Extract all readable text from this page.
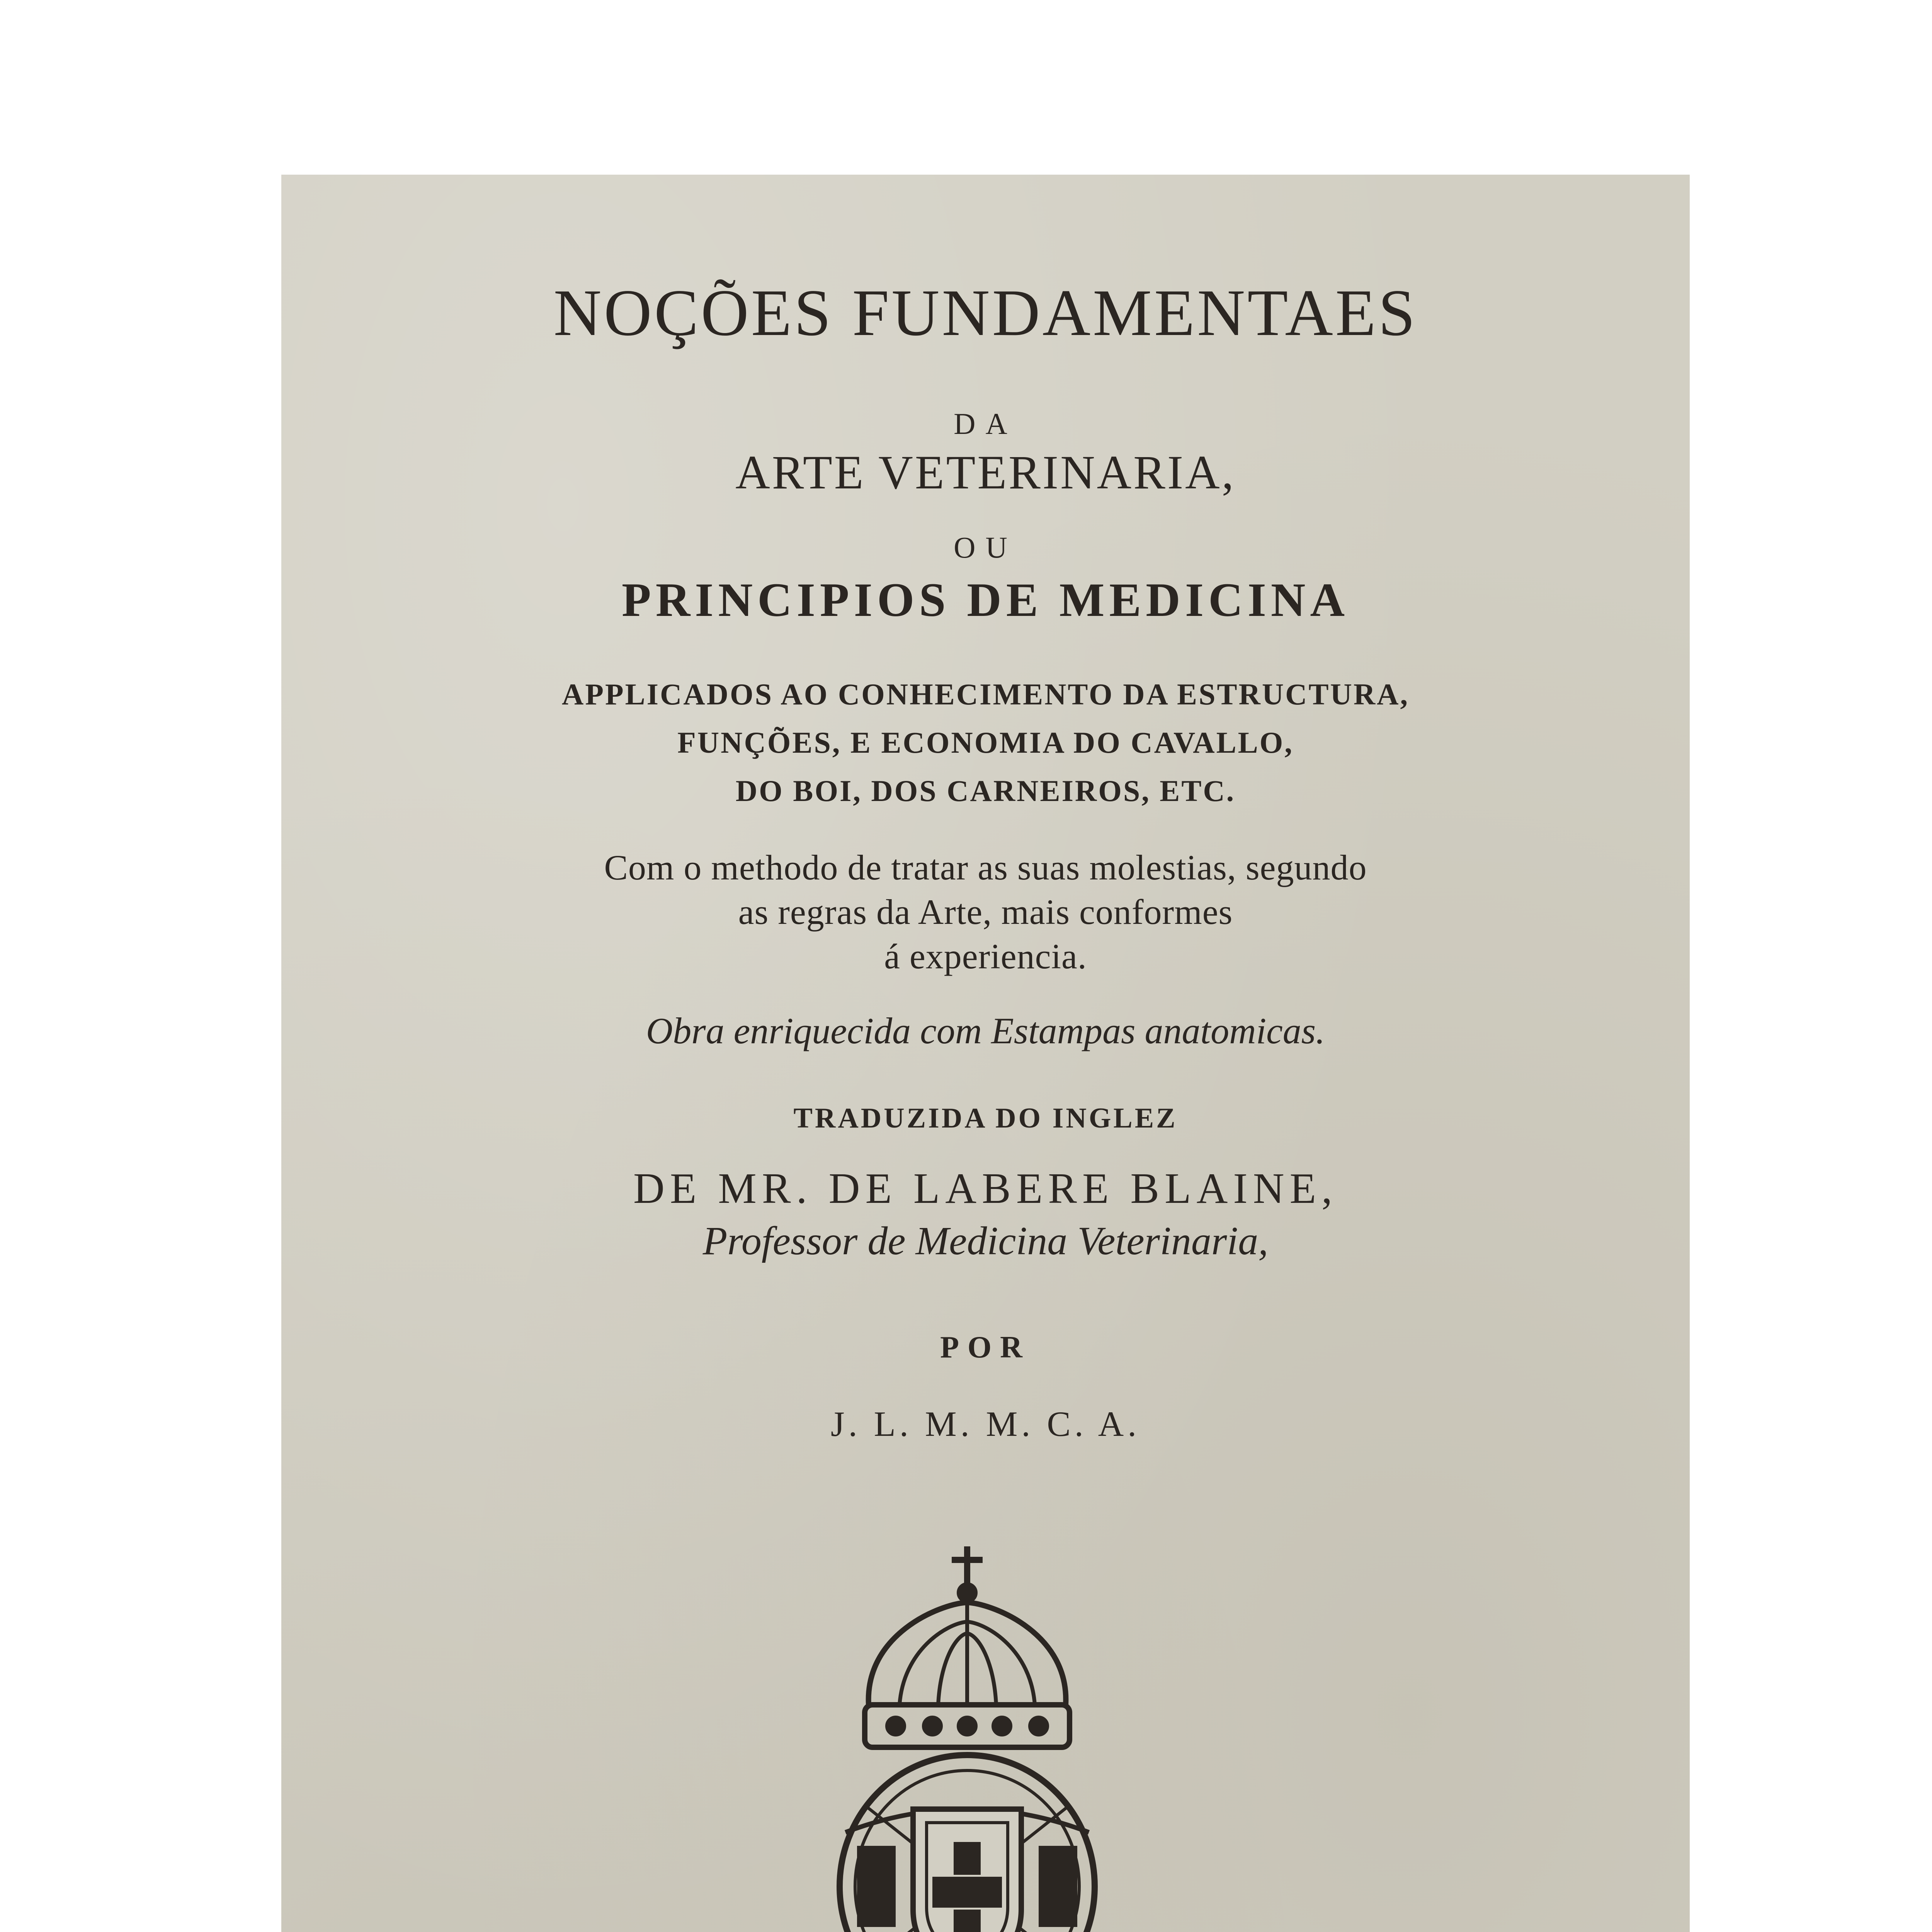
NOÇÕES FUNDAMENTAES
DA
ARTE VETERINARIA,
OU
PRINCIPIOS DE MEDICINA
APPLICADOS AO CONHECIMENTO DA ESTRUCTURA,
FUNÇÕES, E ECONOMIA DO CAVALLO,
DO BOI, DOS CARNEIROS, ETC.
Com o methodo de tratar as suas molestias, segundo
as regras da Arte, mais conformes
á experiencia.
Obra enriquecida com Estampas anatomicas.
TRADUZIDA DO INGLEZ
DE MR. DE LABERE BLAINE,
Professor de Medicina Veterinaria,
POR
J. L. M. M. C. A.
